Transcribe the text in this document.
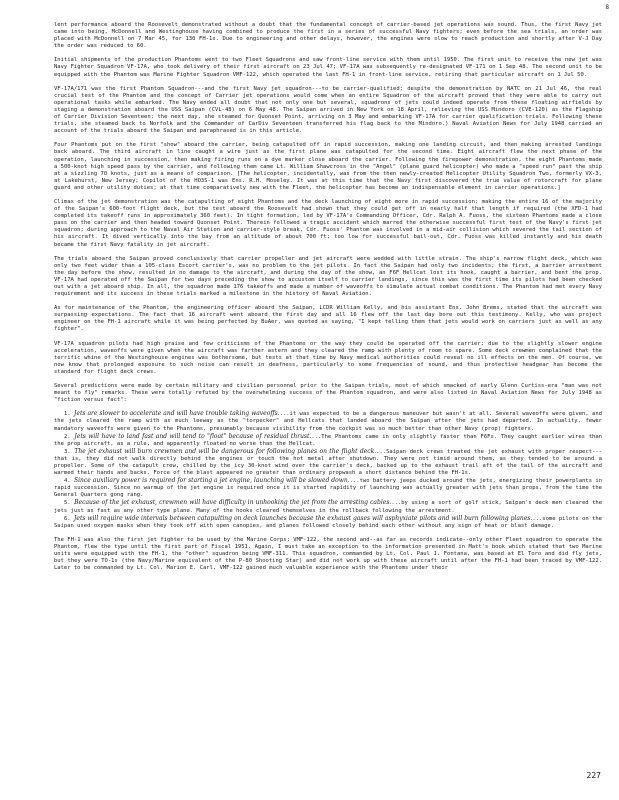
8

lent performance aboard the Roosevelt demonstrated without a doubt that the fundamental concept of carrier-based jet operations was sound. Thus, the first Navy jet came into being, McDonnell and Westinghouse having combined to produce the first in a series of successful Navy fighters; even before the sea trials, an order was placed with McDonnell on 7 Mar 45, for 130 FH-1s. Due to engineering and other delays, however, the engines were slow to reach production and shortly after V-J Day the order was reduced to 60.

Initial shipments of the production Phantoms went to two Fleet Squadrons and saw front-line service with them until 1950. The first unit to receive the new jet was Navy Fighter Squadron VF-17A, who took delivery of their first aircraft on 23 Jul 47; VF-17A was subsequently re-designated VF-171 on 1 Sep 48. The second unit to be equipped with the Phantom was Marine Fighter Squadron VMF-122, which operated the last FH-1 in front-line service, retiring that particular aircraft on 1 Jul 50.

VF-17A/171 was the first Phantom Squadron---and the first Navy jet squadron---to be carrier-qualified; despite the demonstration by NATC on 21 Jul 46, the real crucial test of the Phantom and the concept of Carrier jet operations would come when an entire Squadron of the aircraft proved that they were able to carry out operational tasks while embarked. The Navy ended all doubt that not only one but several, squadrons of jets could indeed operate from these floating airfields by staging a demonstration aboard the USS Saipan (CVL-48) on 6 May 48. The Saipan arrived in New York on 18 April, relieving the USS Mindoro (CVE-120) as the Flagship of Carrier Division Seventeen; the next day, she steamed for Quonset Point, arriving on 3 May and embarking VF-17A for carrier qualification trials. Following these trials, she steamed back to Norfolk and the Commander of CarDiv Seventeen transferred his flag back to the Mindoro.) Naval Aviation News for July 1948 carried an account of the trials aboard the Saipan and paraphrased is in this article.

Four Phantoms put on the first "show" aboard the carrier, being catapulted off in rapid succession, making one landing circuit, and then making arrested landings back aboard. The third aircraft in line caught a wire just as the first plane was catapulted for the second time. Eight aircraft flew the next phase of the operation, launching in succession, then making firing runs on a dye marker close aboard the carrier. Following the firepower demonstration, the eight Phantoms made a 500-knot high speed pass by the carrier, and following them came Lt. William Shawcross in the "Angel" (plane guard helicopter) who made a "speed run" past the ship at a sizzling 70 knots, just as a means of comparison. [The helicopter, incidentally, was from the then newly-created Helicopter Utility Squadron Two, formerly VX-3, at Lakehurst, New Jersey; Copilot of the HO3S-1 was Ens. R.H. Moseley. It was at this time that the Navy first discovered the true value of rotorcraft for plane guard and other utility duties; at that time comparatively new with the Fleet, the helicopter has become an indispensable element in carrier operations.]

Climax of the jet demonstration was the catapulting of eight Phantoms and the deck launching of eight more in rapid succession; making the entire 16 of the majority of the Saipan's 600-foot flight deck, but the test aboard the Roosevelt had shown that they could get off in nearly half that length if required (the XFD-1 had completed its takeoff runs in approximately 360 feet). In tight formation, led by VF-17A's Commanding Officer, Cdr. Ralph A. Fuoss, the sixteen Phantoms made a close pass on the carrier and then headed toward Quonset Point. Therein followed a tragic accident which marred the otherwise successful first test of the Navy's first jet squadron; during approach to the Naval Air Station and carrier-style break, Cdr. Fuoss' Phantom was involved in a mid-air collision which severed the tail section of his aircraft. It dived vertically into the bay from an altitude of about 700 ft; too low for successful bail-out, Cdr. Fuoss was killed instantly and his death became the first Navy fatality in jet aircraft.

The trials aboard the Saipan proved conclusively that carrier propeller and jet aircraft were wedded with little strain. The ship's narrow flight deck, which was only two feet wider than a 105-class Escort carrier's, was no problem to the jet pilots. In fact the Saipan had only two incidents; the first, a barrier arrestment the day before the show, resulted in no damage to the aircraft, and during the day of the show, an F6F Hellcat lost its hook, caught a barrier, and bent the prop. VF-17A had operated off the Saipan for two days preceding the show to accustom itself to carrier landings, since this was the first time its pilots had been checked out with a jet aboard ship. In all, the squadron made 176 takeoffs and made a number of waveoffs to simulate actual combat conditions. The Phantom had met every Navy requirement and its success in these trials marked a milestone in the history of Naval Aviation.

As for maintenance of the Phantom, the engineering officer aboard the Saipan, LCDR William Kelly, and his assistant Ens. John Brems, stated that the aircraft was surpassing expectations. The fact that 16 aircraft went aboard the first day and all 16 flew off the last day bore out this testimony. Kelly, who was project engineer on the FH-1 aircraft while it was being perfected by BuAer, was quoted as saying, "I kept telling them that jets would work on carriers just as well as any fighter".

VF-17A squadron pilots had high praise and few criticisms of the Phantoms or the way they could be operated off the carrier; due to the slightly slower engine acceleration, waveoffs were given when the aircraft was farther astern and they cleared the ramp with plenty of room to spare. Some deck crewmen complained that the terrific whine of the Westinghouse engines was bothersome, but tests at that time by Navy medical authorities could reveal no ill effects on the men. Of course, we now know that prolonged exposure to such noise can result in deafness, particularly to some frequencies of sound, and thus protective headgear has become the standard for flight deck crews.

Several predictions were made by certain military and civilian personnel prior to the Saipan trials, most of which smacked of early Glenn Curtiss-era "man was not meant to fly" remarks. These were totally refuted by the overwhelming success of the Phantom squadron, and were also listed in Naval Aviation News for July 1948 as "fiction versus fact":

1. Jets are slower to accelerate and will have trouble taking waveoffs....it was expected to be a dangerous maneuver but wasn't at all. Several waveoffs were given, and the jets cleared the ramp with as much leeway as the "torpecker" and Hellcats that landed aboard the Saipan after the jets had departed. In actuality, fewer mandatory waveoffs were given to the Phantoms, presumably because visibility from the cockpit was so much better than other Navy (prop) fighters.

2. Jets will have to land fast and will tend to "float" because of residual thrust....The Phantoms came in only slightly faster than F6Fs. They caught earlier wires than the prop aircraft, as a rule, and apparently floated no worse than the Hellcat.

3. The jet exhaust will burn crewmen and will be dangerous for following planes on the flight deck....Saipan deck crews treated the jet exhaust with proper respect---that is, they did not walk directly behind the engines or touch the hot metal after shutdown. They were not timid around them, as they tended to be around a propeller. Some of the catapult crew, chilled by the icy 30-knot wind over the carrier's deck, backed up to the exhaust trail aft of the tail of the aircraft and warmed their hands and backs. Force of the blast appeared no greater than ordinary propwash a short distance behind the FH-1s.

4. Since auxiliary power is required for starting a jet engine, launching will be slowed down....two battery jeeps ducked around the jets, energizing their powerplants in rapid succession. Since no warmup of the jet engine is required once it is started rapidity of launching was actually greater with jets than props, from the time the General Quarters gong rang.

5. Because of the jet exhaust, crewmen will have difficulty in unhooking the jet from the arresting cables....by using a sort of golf stick, Saipan's deck men cleared the jets just as fast as any other type plane. Many of the hooks cleared themselves in the rollback following the arrestment.

6. Jets will require wide intervals between catapulting on deck launches because the exhaust gases will asphyxiate pilots and will burn following planes....some pilots on the Saipan used oxygen masks when they took off with open canopies, and planes followed closely behind each other without any sign of heat or blast damage.

The FH-1 was also the first jet fighter to be used by the Marine Corps; VMF-122, the second and--as far as records indicate--only other Fleet squadron to operate the Phantom, flew the type until the first part of Fiscal 1951. Again, I must take an exception to the information presented in Matt's book which stated that two Marine units were equipped with the FH-1, the "other" squadron being VMF-311. This squadron, commanded by Lt. Col. Paul J. Fontana, was based at El Toro and did fly jets, but they were TO-1s (the Navy/Marine equivalent of the P-80 Shooting Star) and did not work up with these aircraft until after the FH-1 had been traced by VMF-122. Later to be commanded by Lt. Col. Marion E. Carl, VMF-122 gained much valuable experience with the Phantoms under their

227
